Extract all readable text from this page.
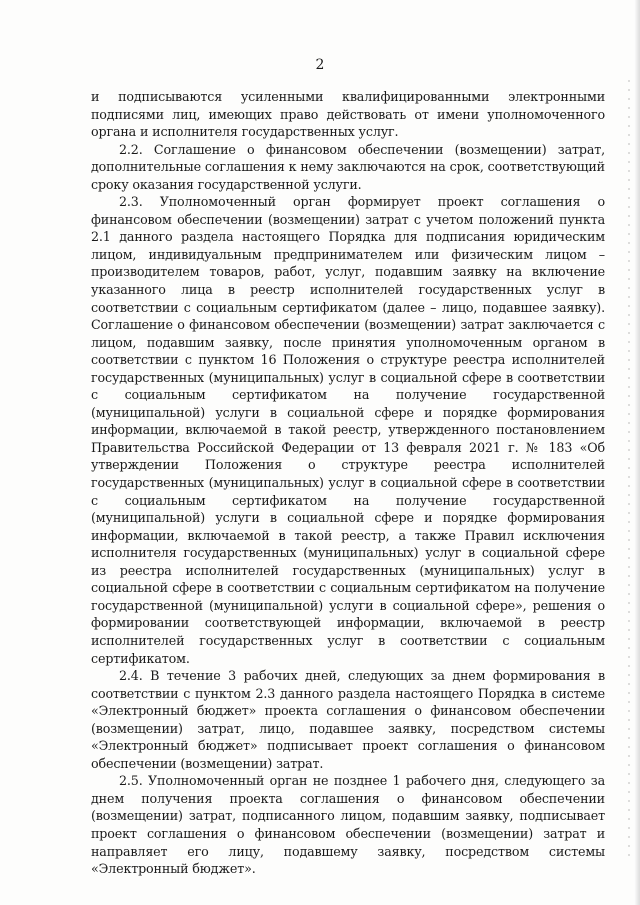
2

и подписываются усиленными квалифицированными электронными подписями лиц, имеющих право действовать от имени уполномоченного органа и исполнителя государственных услуг.

2.2. Соглашение о финансовом обеспечении (возмещении) затрат, дополнительные соглашения к нему заключаются на срок, соответствующий сроку оказания государственной услуги.

2.3. Уполномоченный орган формирует проект соглашения о финансовом обеспечении (возмещении) затрат с учетом положений пункта 2.1 данного раздела настоящего Порядка для подписания юридическим лицом, индивидуальным предпринимателем или физическим лицом – производителем товаров, работ, услуг, подавшим заявку на включение указанного лица в реестр исполнителей государственных услуг в соответствии с социальным сертификатом (далее – лицо, подавшее заявку). Соглашение о финансовом обеспечении (возмещении) затрат заключается с лицом, подавшим заявку, после принятия уполномоченным органом в соответствии с пунктом 16 Положения о структуре реестра исполнителей государственных (муниципальных) услуг в социальной сфере в соответствии с социальным сертификатом на получение государственной (муниципальной) услуги в социальной сфере и порядке формирования информации, включаемой в такой реестр, утвержденного постановлением Правительства Российской Федерации от 13 февраля 2021 г. № 183 «Об утверждении Положения о структуре реестра исполнителей государственных (муниципальных) услуг в социальной сфере в соответствии с социальным сертификатом на получение государственной (муниципальной) услуги в социальной сфере и порядке формирования информации, включаемой в такой реестр, а также Правил исключения исполнителя государственных (муниципальных) услуг в социальной сфере из реестра исполнителей государственных (муниципальных) услуг в социальной сфере в соответствии с социальным сертификатом на получение государственной (муниципальной) услуги в социальной сфере», решения о формировании соответствующей информации, включаемой в реестр исполнителей государственных услуг в соответствии с социальным сертификатом.

2.4. В течение 3 рабочих дней, следующих за днем формирования в соответствии с пунктом 2.3 данного раздела настоящего Порядка в системе «Электронный бюджет» проекта соглашения о финансовом обеспечении (возмещении) затрат, лицо, подавшее заявку, посредством системы «Электронный бюджет» подписывает проект соглашения о финансовом обеспечении (возмещении) затрат.

2.5. Уполномоченный орган не позднее 1 рабочего дня, следующего за днем получения проекта соглашения о финансовом обеспечении (возмещении) затрат, подписанного лицом, подавшим заявку, подписывает проект соглашения о финансовом обеспечении (возмещении) затрат и направляет его лицу, подавшему заявку, посредством системы «Электронный бюджет».
